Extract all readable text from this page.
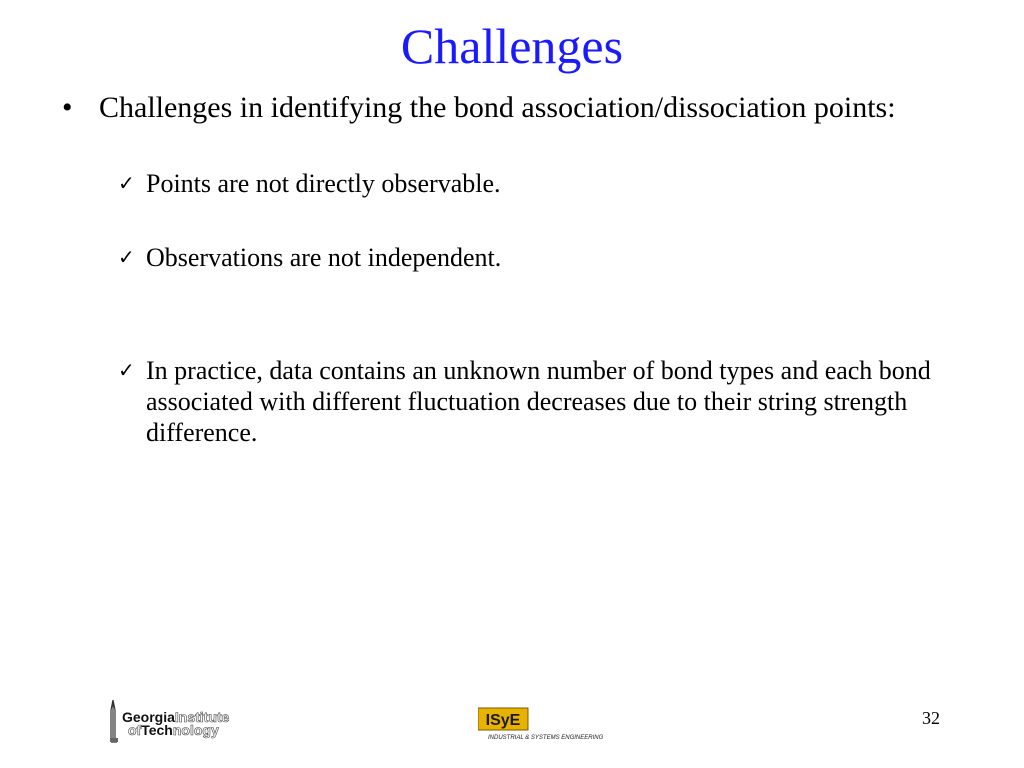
Challenges
• Challenges in identifying the bond association/dissociation points:
✓ Points are not directly observable.
✓ Observations are not independent.
✓ In practice, data contains an unknown number of bond types and each bond associated with different fluctuation decreases due to their string strength difference.
GeorgiaInstitute
ofTechnology
ISyE
INDUSTRIAL & SYSTEMS ENGINEERING
32
